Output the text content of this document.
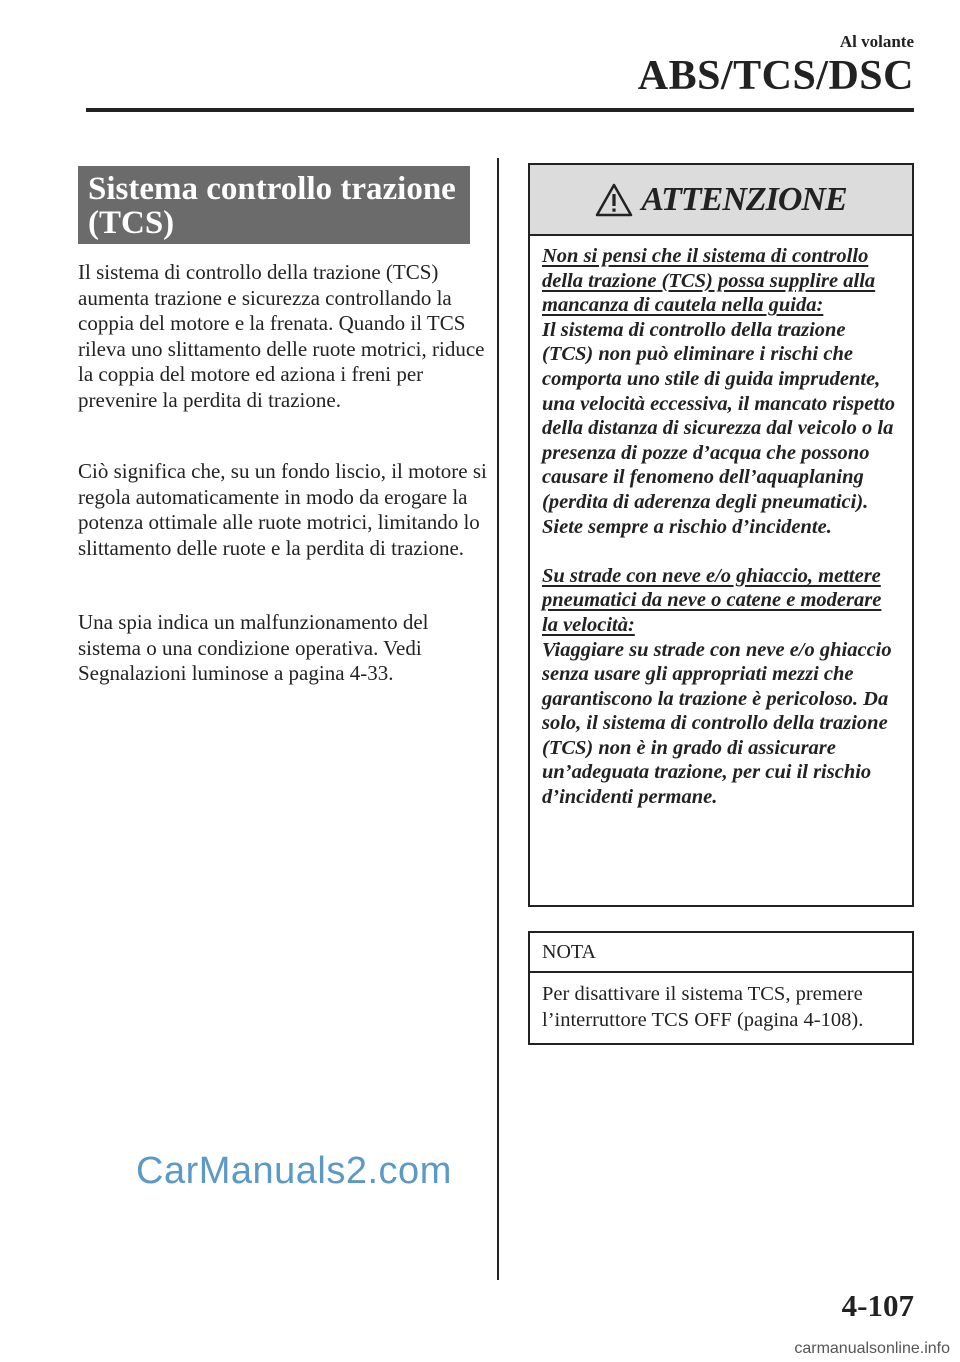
Al volante
ABS/TCS/DSC
Sistema controllo trazione (TCS)

Il sistema di controllo della trazione (TCS) aumenta trazione e sicurezza controllando la coppia del motore e la frenata. Quando il TCS rileva uno slittamento delle ruote motrici, riduce la coppia del motore ed aziona i freni per prevenire la perdita di trazione.

Ciò significa che, su un fondo liscio, il motore si regola automaticamente in modo da erogare la potenza ottimale alle ruote motrici, limitando lo slittamento delle ruote e la perdita di trazione.

Una spia indica un malfunzionamento del sistema o una condizione operativa. Vedi Segnalazioni luminose a pagina 4-33.

ATTENZIONE

Non si pensi che il sistema di controllo della trazione (TCS) possa supplire alla mancanza di cautela nella guida:

Il sistema di controllo della trazione (TCS) non può eliminare i rischi che comporta uno stile di guida imprudente, una velocità eccessiva, il mancato rispetto della distanza di sicurezza dal veicolo o la presenza di pozze d’acqua che possono causare il fenomeno dell’aquaplaning (perdita di aderenza degli pneumatici). Siete sempre a rischio d’incidente.

Su strade con neve e/o ghiaccio, mettere pneumatici da neve o catene e moderare la velocità:

Viaggiare su strade con neve e/o ghiaccio senza usare gli appropriati mezzi che garantiscono la trazione è pericoloso. Da solo, il sistema di controllo della trazione (TCS) non è in grado di assicurare un’adeguata trazione, per cui il rischio d’incidenti permane.

NOTA
Per disattivare il sistema TCS, premere l’interruttore TCS OFF (pagina 4-108).
CarManuals2.com
4-107
carmanualsonline.info
